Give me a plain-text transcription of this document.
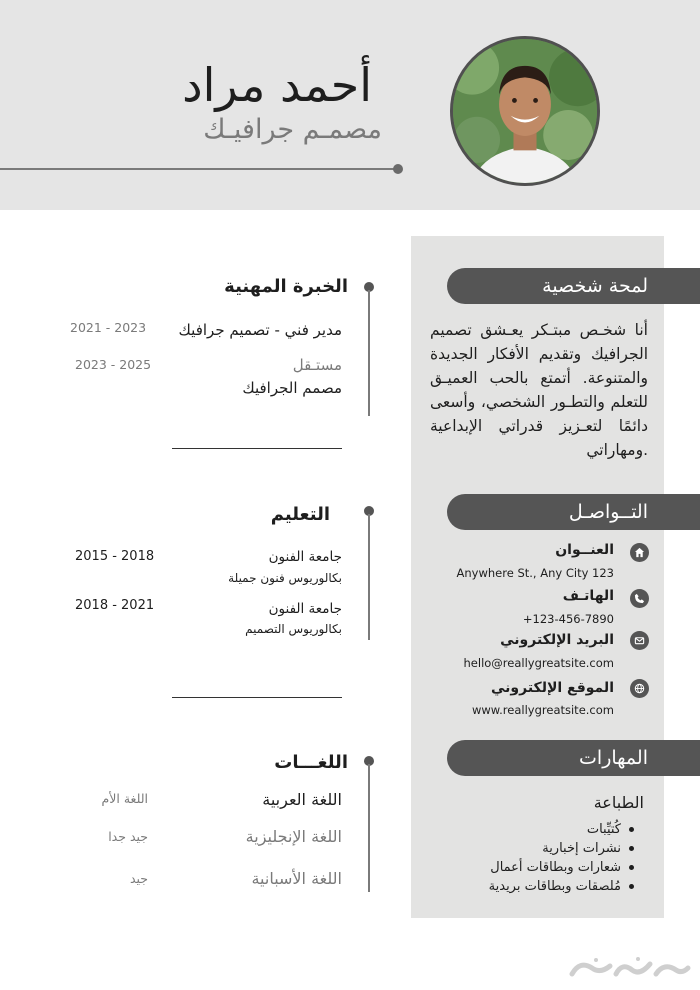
أحمد مراد
مصمـم جرافيـك
لمحة شخصية

أنا شخـص مبتـكر يعـشق تصميم الجرافيك وتقديم الأفكار الجديدة والمتنوعة. أتمتع بالحب العميـق للتعلم والتطـور الشخصي، وأسعى دائمًا لتعـزيز قدراتي الإبداعية ومهاراتي.

التــواصـل
العنــوان
Anywhere St., Any City 123
الهاتـف
+123-456-7890
البريد الإلكتروني
hello@reallygreatsite.com
الموقع الإلكتروني
www.reallygreatsite.com
المهارات
الطباعة
كُتيِّبات
نشرات إخبارية
شعارات وبطاقات أعمال
مُلصقات وبطاقات بريدية
الخبرة المهنية
مدير فني - تصميم جرافيك
2021 - 2023
مستـقل
مصمم الجرافيك
2023 - 2025
التعليم
جامعة الفنون
بكالوريوس فنون جميلة
2015 - 2018
جامعة الفنون
بكالوريوس التصميم
2018 - 2021
اللغـــات
اللغة العربية
اللغة الأم
اللغة الإنجليزية
جيد جدا
اللغة الأسبانية
جيد
